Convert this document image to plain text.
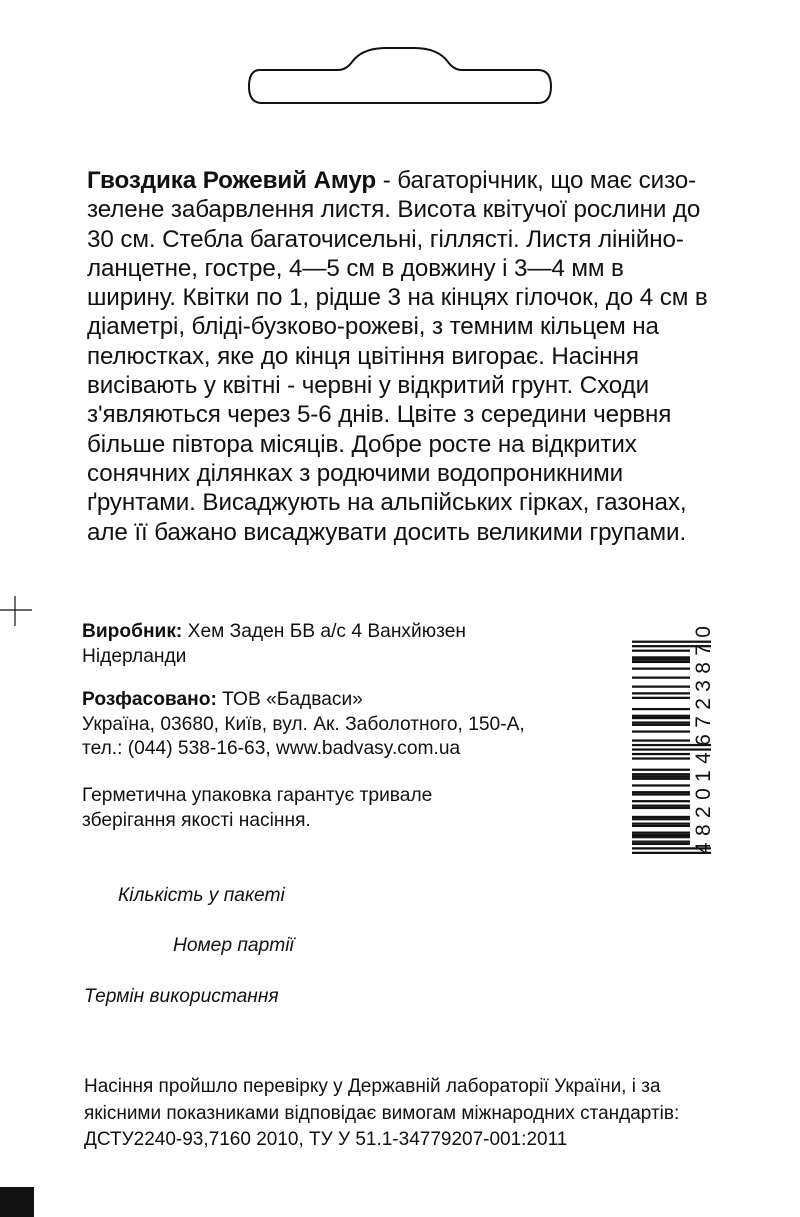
Гвоздика Рожевий Амур - багаторічник, що має сизо-зелене забарвлення листя. Висота квітучої рослини до 30 см. Стебла багаточисельні, гіллясті. Листя лінійно-ланцетне, гостре, 4—5 см в довжину і 3—4 мм в ширину. Квітки по 1, рідше 3 на кінцях гілочок, до 4 см в діаметрі, бліді-бузково-рожеві, з темним кільцем на пелюстках, яке до кінця цвітіння вигорає. Насіння висівають у квітні - червні у відкритий грунт. Сходи з'являються через 5-6 днів. Цвіте з середини червня більше півтора місяців. Добре росте на відкритих сонячних ділянках з родючими водопроникними ґрунтами. Висаджують на альпійських гірках, газонах, але її бажано висаджувати досить великими групами.
Виробник: Хем Заден БВ а/с 4 Ванхйюзен
Нідерланди
Розфасовано: ТОВ «Бадваси»
Україна, 03680, Київ, вул. Ак. Заболотного, 150-А,
тел.: (044) 538-16-63, www.badvasy.com.ua
Герметична упаковка гарантує тривале
зберігання якості насіння.
Кількість у пакеті
Номер партії
Термін використання
Насіння пройшло перевірку у Державній лабораторії України, і за
якісними показниками відповідає вимогам міжнародних стандартів:
ДСТУ2240-93,7160 2010, ТУ У 51.1-34779207-001:2011
4820146723870
